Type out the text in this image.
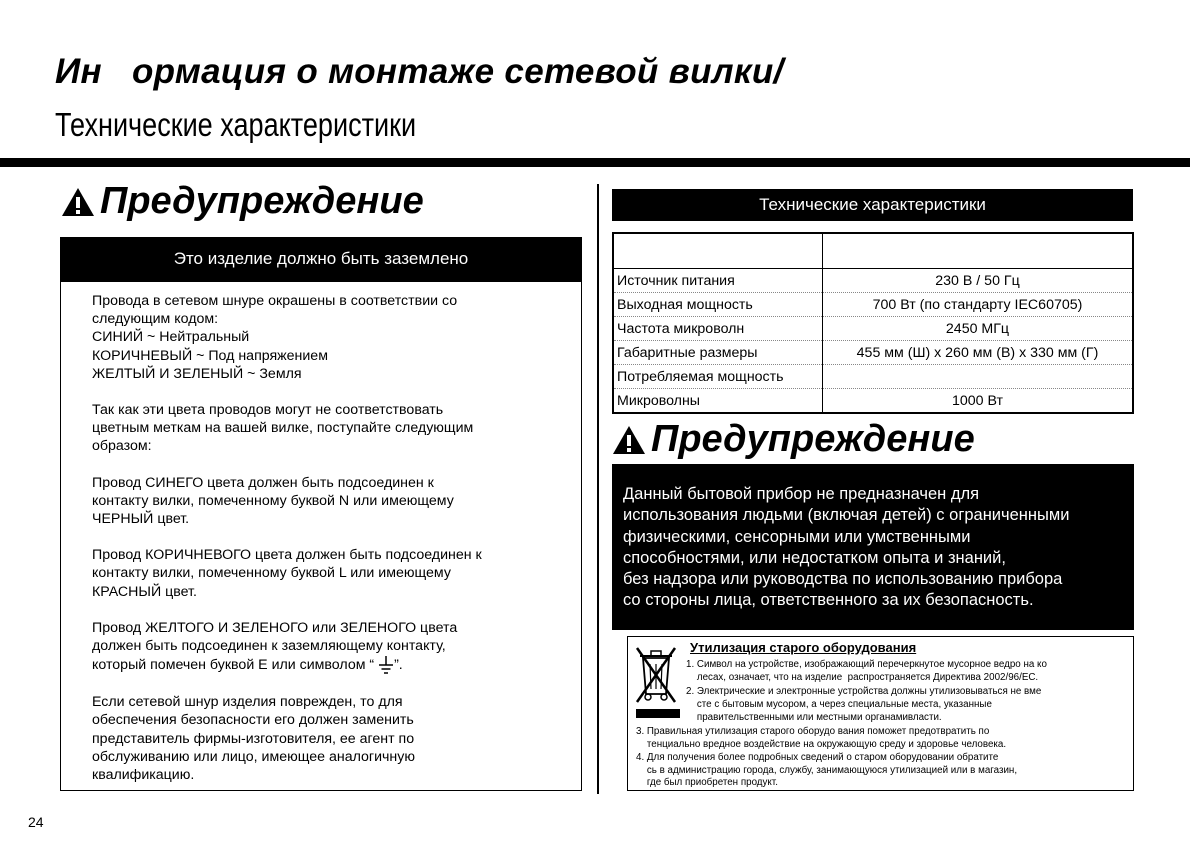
Ин   ормация о монтаже сетевой вилки/
Технические характеристики
Предупреждение
Это изделие должно быть заземлено

Провода в сетевом шнуре окрашены в соответствии со
следующим кодом:
СИНИЙ ~ Нейтральный
КОРИЧНЕВЫЙ ~ Под напряжением
ЖЕЛТЫЙ И ЗЕЛЕНЫЙ ~ Земля

Так как эти цвета проводов могут не соответствовать
цветным меткам на вашей вилке, поступайте следующим
образом:

Провод СИНЕГО цвета должен быть подсоединен к
контакту вилки, помеченному буквой N или имеющему
ЧЕРНЫЙ цвет.

Провод КОРИЧНЕВОГО цвета должен быть подсоединен к
контакту вилки, помеченному буквой L или имеющему
КРАСНЫЙ цвет.

Провод ЖЕЛТОГО И ЗЕЛЕНОГО или ЗЕЛЕНОГО цвета
должен быть подсоединен к заземляющему контакту,
который помечен буквой Е или символом “ ”.

Если сетевой шнур изделия поврежден, то для
обеспечения безопасности его должен заменить
представитель фирмы-изготовителя, ее агент по
обслуживанию или лицо, имеющее аналогичную
квалификацию.

Технические характеристики

Источник питания	230 В / 50 Гц
Выходная мощность	700 Вт (по стандарту IEC60705)
Частота микроволн	2450 МГц
Габаритные размеры	455 мм (Ш) х 260 мм (В) х 330 мм (Г)
Потребляемая мощность	
Микроволны	1000 Вт
Предупреждение
Данный бытовой прибор не предназначен для
использования людьми (включая детей) с ограниченными
физическими, сенсорными или умственными
способностями, или недостатком опыта и знаний,
без надзора или руководства по использованию прибора
со стороны лица, ответственного за их безопасность.
Утилизация старого оборудования
1. Символ на устройстве, изображающий перечеркнутое мусорное ведро на ко
лесах, означает, что на изделие  распространяется Директива 2002/96/EC.
2. Электрические и электронные устройства должны утилизовываться не вме
сте с бытовым мусором, а через специальные места, указанные
правительственными или местными органамивласти.
3. Правильная утилизация старого оборудо вания поможет предотвратить по
тенциально вредное воздействие на окружающую среду и здоровье человека.
4. Для получения более подробных сведений о старом оборудовании обратите
сь в администрацию города, службу, занимающуюся утилизацией или в магазин,
где был приобретен продукт.
24
